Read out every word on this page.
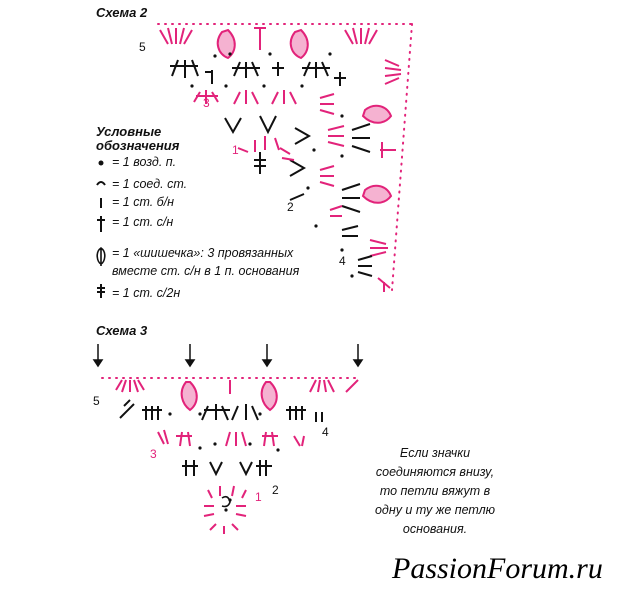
Схема 2
5
3
1
2
4
Условные
обозначения
= 1 возд. п.
= 1 соед. ст.
= 1 ст. б/н
= 1 ст. с/н
= 1 «шишечка»: 3 провязанных
вместе ст. с/н в 1 п. основания
= 1 ст. с/2н
Схема 3
5
4
3
2
1
Если значки
соединяются внизу,
то петли вяжут в
одну и ту же петлю
основания.
PassionForum.ru
